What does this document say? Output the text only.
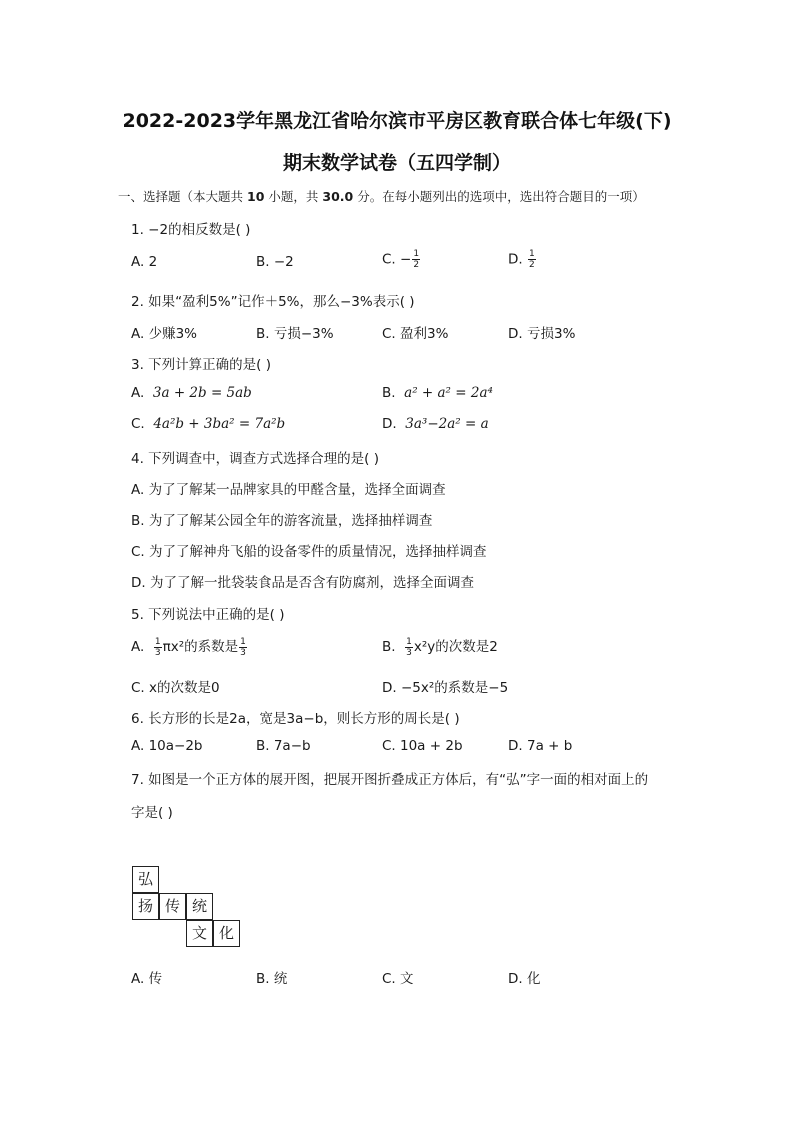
2022-2023学年黑龙江省哈尔滨市平房区教育联合体七年级(下)
期末数学试卷（五四学制）
一、选择题（本大题共 10 小题，共 30.0 分。在每小题列出的选项中，选出符合题目的一项）
1. −2的相反数是( )
A. 2	B. −2	C. − $\frac{1}{2}$	D. $\frac{1}{2}$
2. 如果“盈利5%”记作＋5%，那么−3%表示( )
A. 少赚3%	B. 亏损−3%	C. 盈利3%	D. 亏损3%
3. 下列计算正确的是( )
A. 3a + 2b = 5ab	B. a² + a² = 2a⁴
C. 4a²b + 3ba² = 7a²b	D. 3a³−2a² = a
4. 下列调查中，调查方式选择合理的是( )
A. 为了了解某一品牌家具的甲醛含量，选择全面调查
B. 为了了解某公园全年的游客流量，选择抽样调查
C. 为了了解神舟飞船的设备零件的质量情况，选择抽样调查
D. 为了了解一批袋装食品是否含有防腐剂，选择全面调查
5. 下列说法中正确的是( )
A. $\frac{1}{3} \pi x^2$的系数是 $\frac{1}{3}$	B. $\frac{1}{3} x^2y$的次数是2
C. x的次数是0	D. −5x²的系数是−5
6. 长方形的长是2a，宽是3a−b，则长方形的周长是( )
A. 10a−2b	B. 7a−b	C. 10a + 2b	D. 7a + b
7. 如图是一个正方体的展开图，把展开图折叠成正方体后，有“弘”字一面的相对面上的
字是( )
弘
扬 传 统
文 化
A. 传	B. 统	C. 文	D. 化
